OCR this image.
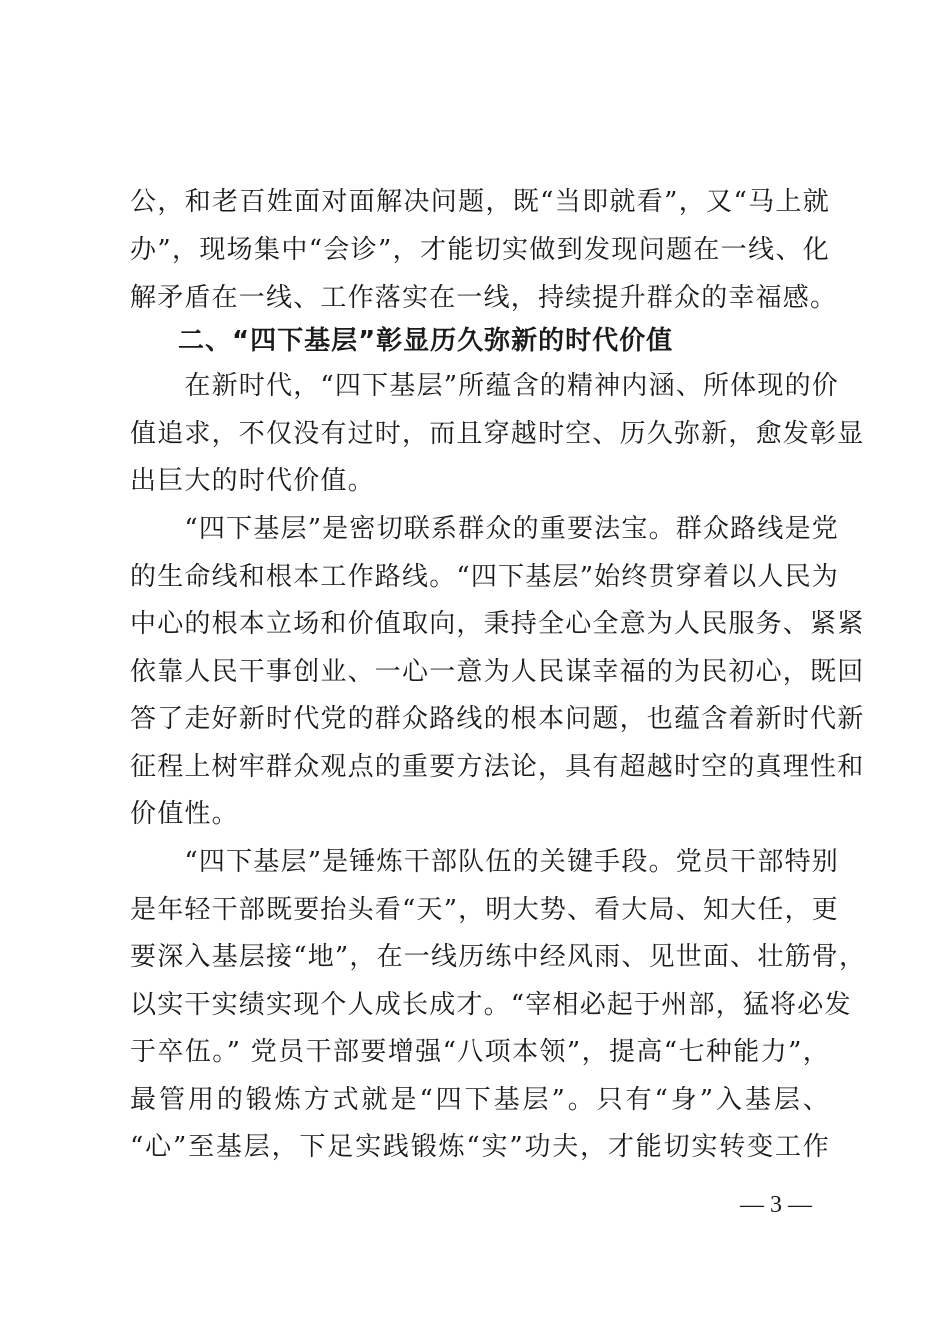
公，和老百姓面对面解决问题，既“当即就看”，又“马上就
办”，现场集中“会诊”，才能切实做到发现问题在一线、化
解矛盾在一线、工作落实在一线，持续提升群众的幸福感。
二、“四下基层”彰显历久弥新的时代价值
　　在新时代，“四下基层”所蕴含的精神内涵、所体现的价
值追求，不仅没有过时，而且穿越时空、历久弥新，愈发彰显
出巨大的时代价值。
　　“四下基层”是密切联系群众的重要法宝。群众路线是党
的生命线和根本工作路线。“四下基层”始终贯穿着以人民为
中心的根本立场和价值取向，秉持全心全意为人民服务、紧紧
依靠人民干事创业、一心一意为人民谋幸福的为民初心，既回
答了走好新时代党的群众路线的根本问题，也蕴含着新时代新
征程上树牢群众观点的重要方法论，具有超越时空的真理性和
价值性。
　　“四下基层”是锤炼干部队伍的关键手段。党员干部特别
是年轻干部既要抬头看“天”，明大势、看大局、知大任，更
要深入基层接“地”，在一线历练中经风雨、见世面、壮筋骨，
以实干实绩实现个人成长成才。“宰相必起于州部，猛将必发
于卒伍。” 党员干部要增强“八项本领”，提高“七种能力”，
最管用的锻炼方式就是“四下基层”。只有“身”入基层、
“心”至基层，下足实践锻炼“实”功夫，才能切实转变工作
— 3 —
